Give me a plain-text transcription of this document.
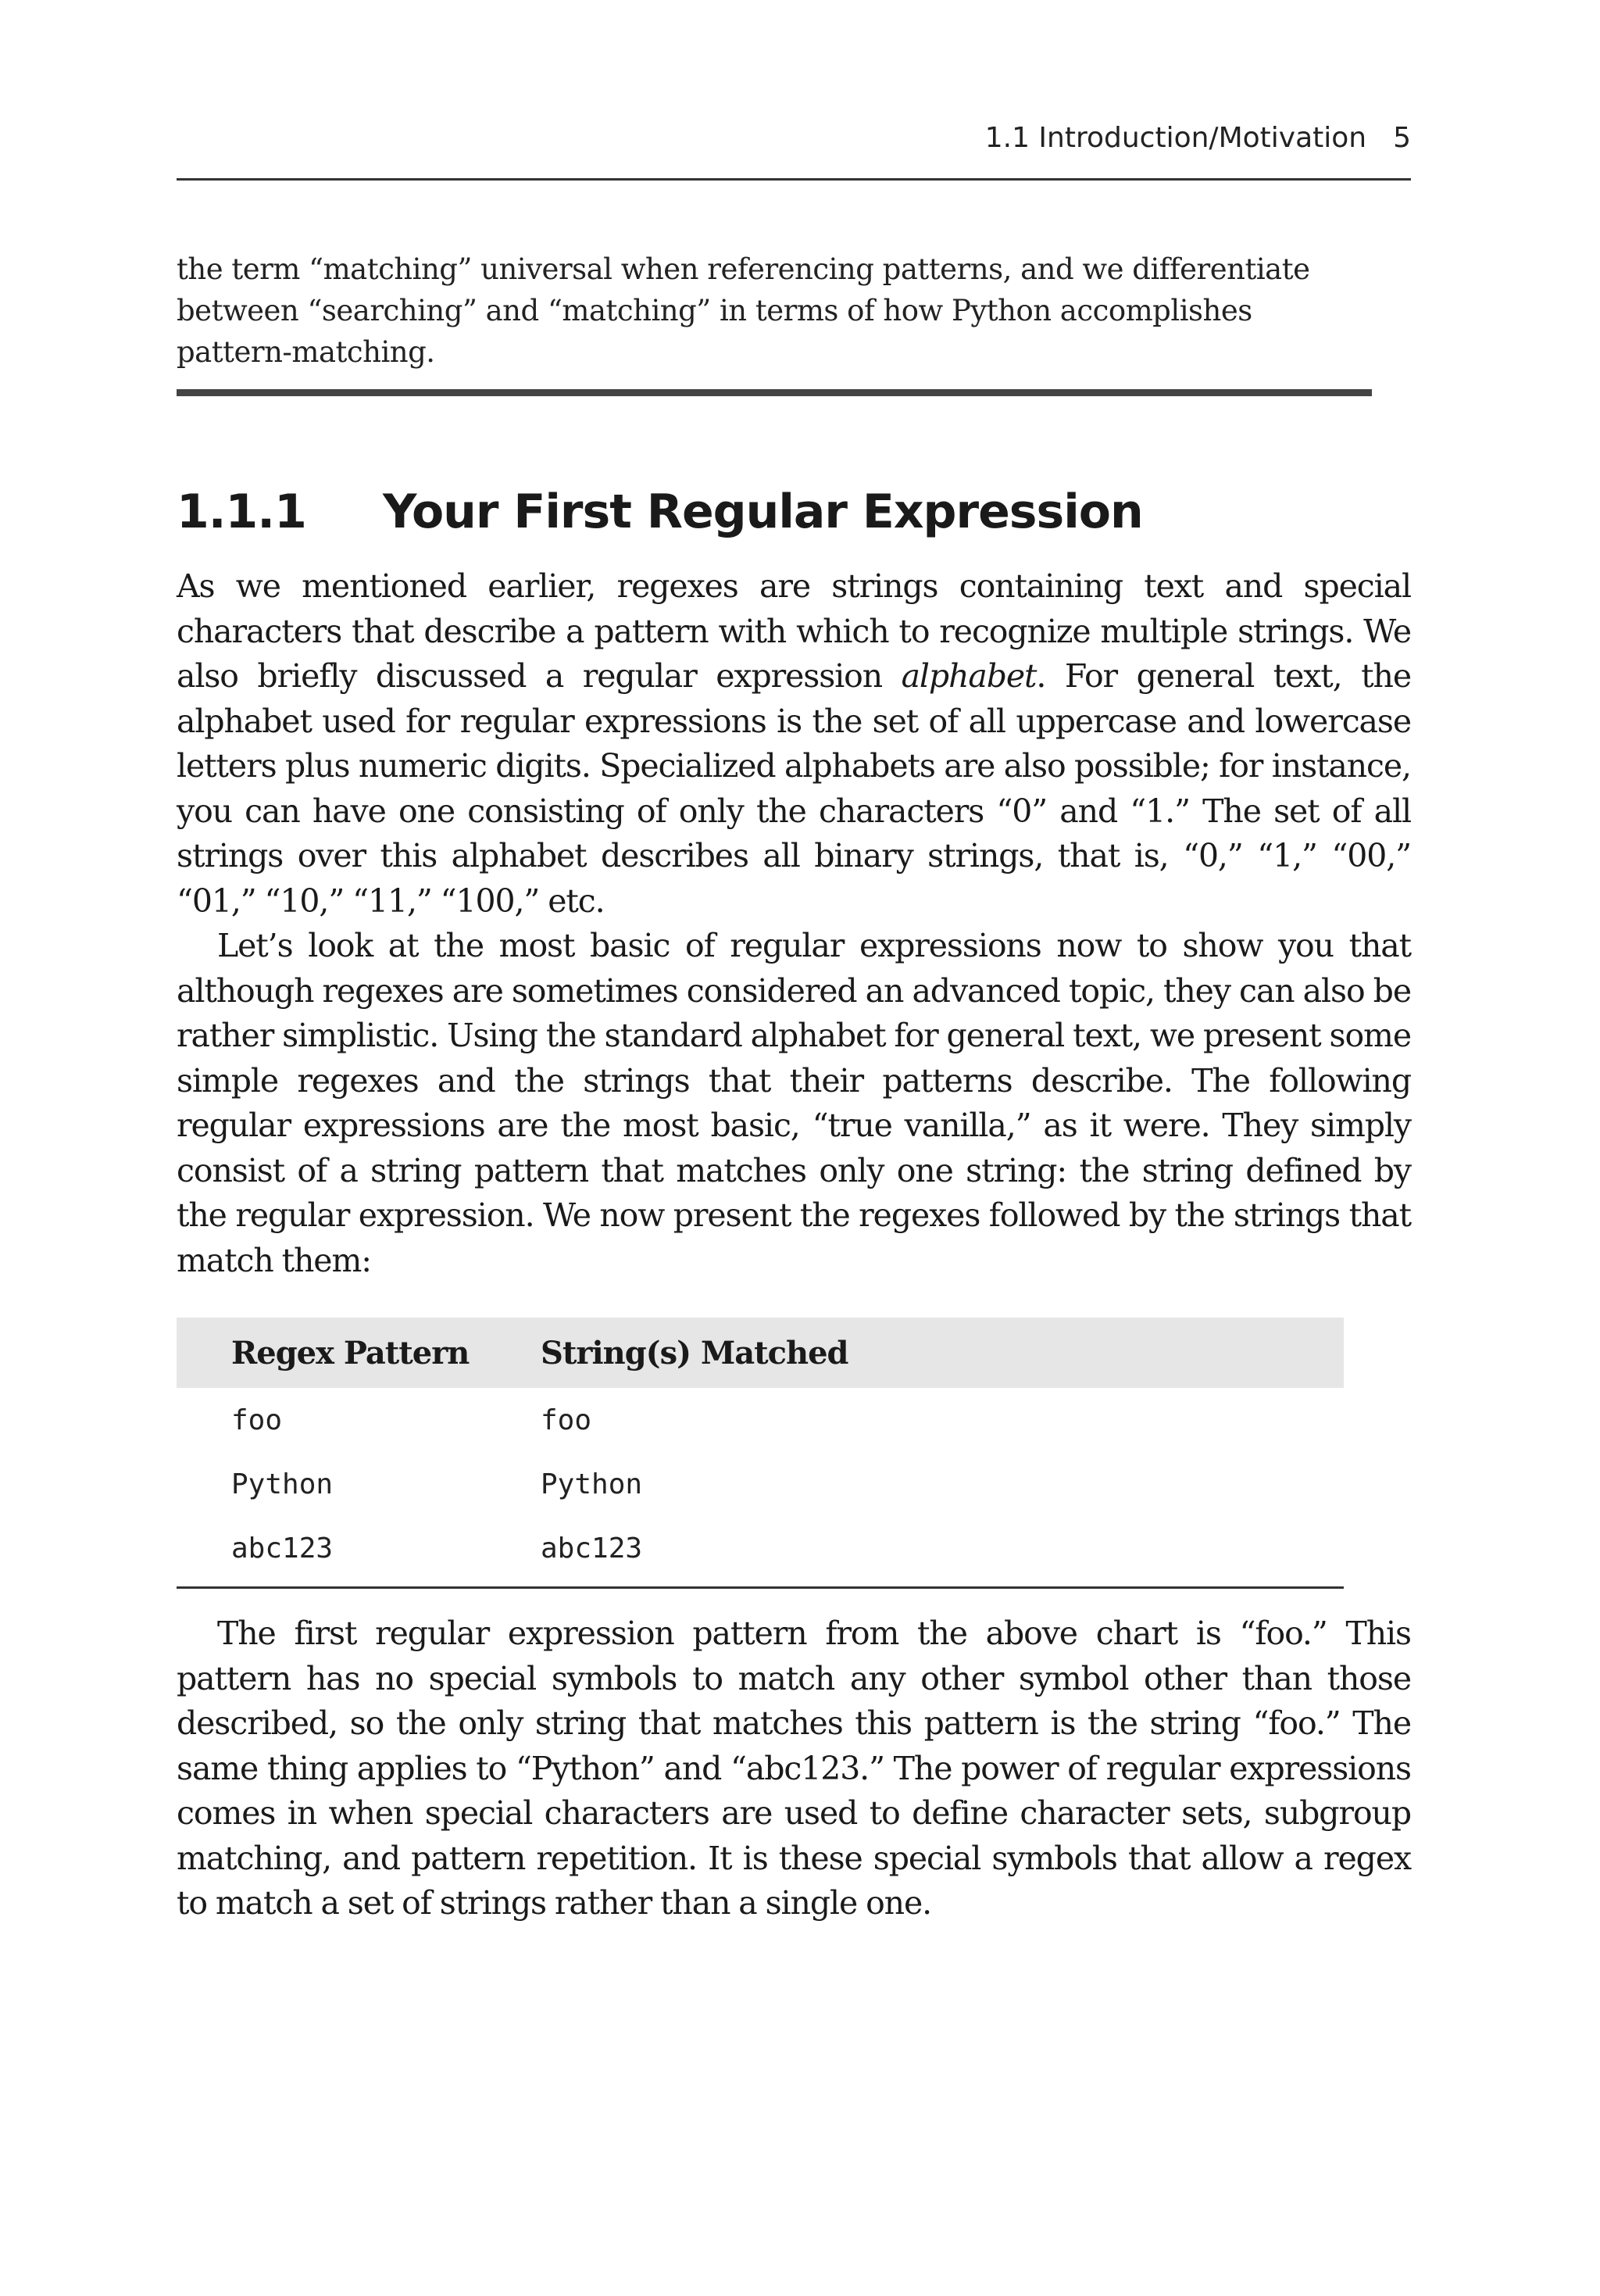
1.1 Introduction/Motivation 5
the term “matching” universal when referencing patterns, and we differentiate
between “searching” and “matching” in terms of how Python accomplishes
pattern-matching.
1.1.1 Your First Regular Expression

As we mentioned earlier, regexes are strings containing text and special characters that describe a pattern with which to recognize multiple strings. We also briefly discussed a regular expression alphabet. For general text, the alphabet used for regular expressions is the set of all uppercase and lowercase letters plus numeric digits. Specialized alphabets are also possible; for instance, you can have one consisting of only the characters “0” and “1.” The set of all strings over this alphabet describes all binary strings, that is, “0,” “1,” “00,” “01,” “10,” “11,” “100,” etc.

Let’s look at the most basic of regular expressions now to show you that although regexes are sometimes considered an advanced topic, they can also be rather simplistic. Using the standard alphabet for general text, we present some simple regexes and the strings that their patterns describe. The following regular expressions are the most basic, “true vanilla,” as it were. They simply consist of a string pattern that matches only one string: the string defined by the regular expression. We now present the regexes followed by the strings that match them:

Regex Pattern	String(s) Matched
foo	foo
Python	Python
abc123	abc123

The first regular expression pattern from the above chart is “foo.” This pattern has no special symbols to match any other symbol other than those described, so the only string that matches this pattern is the string “foo.” The same thing applies to “Python” and “abc123.” The power of regular expressions comes in when special characters are used to define character sets, subgroup matching, and pattern repetition. It is these special symbols that allow a regex to match a set of strings rather than a single one.
